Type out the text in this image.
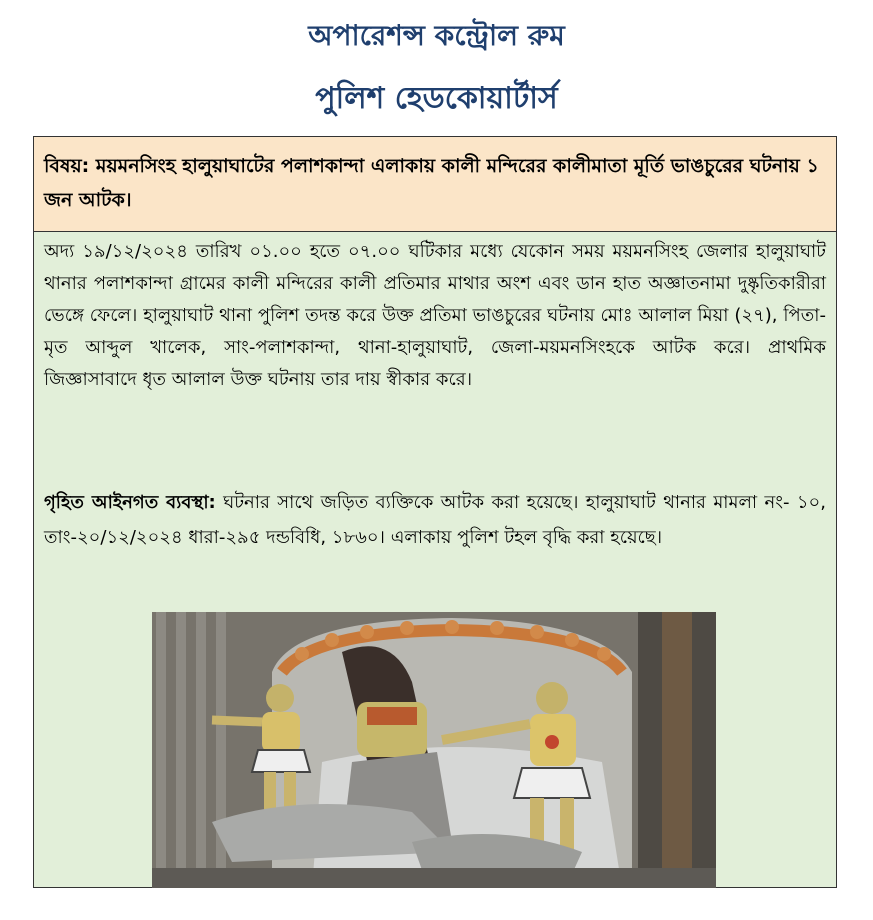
অপারেশন্স কন্ট্রোল রুম
পুলিশ হেডকোয়ার্টার্স
বিষয়: ময়মনসিংহ হালুয়াঘাটের পলাশকান্দা এলাকায় কালী মন্দিরের কালীমাতা মূর্তি ভাঙচুরের ঘটনায় ১ জন আটক।
অদ্য ১৯/১২/২০২৪ তারিখ ০১.০০ হতে ০৭.০০ ঘটিকার মধ্যে যেকোন সময় ময়মনসিংহ জেলার হালুয়াঘাট থানার পলাশকান্দা গ্রামের কালী মন্দিরের কালী প্রতিমার মাথার অংশ এবং ডান হাত অজ্ঞাতনামা দুষ্কৃতিকারীরা ভেঙ্গে ফেলে। হালুয়াঘাট থানা পুলিশ তদন্ত করে উক্ত প্রতিমা ভাঙচুরের ঘটনায় মোঃ আলাল মিয়া (২৭), পিতা-মৃত আব্দুল খালেক, সাং-পলাশকান্দা, থানা-হালুয়াঘাট, জেলা-ময়মনসিংহকে আটক করে। প্রাথমিক জিজ্ঞাসাবাদে ধৃত আলাল উক্ত ঘটনায় তার দায় স্বীকার করে।
গৃহিত আইনগত ব্যবস্থা: ঘটনার সাথে জড়িত ব্যক্তিকে আটক করা হয়েছে। হালুয়াঘাট থানার মামলা নং- ১০, তাং-২০/১২/২০২৪ ধারা-২৯৫ দন্ডবিধি, ১৮৬০। এলাকায় পুলিশ টহল বৃদ্ধি করা হয়েছে।
